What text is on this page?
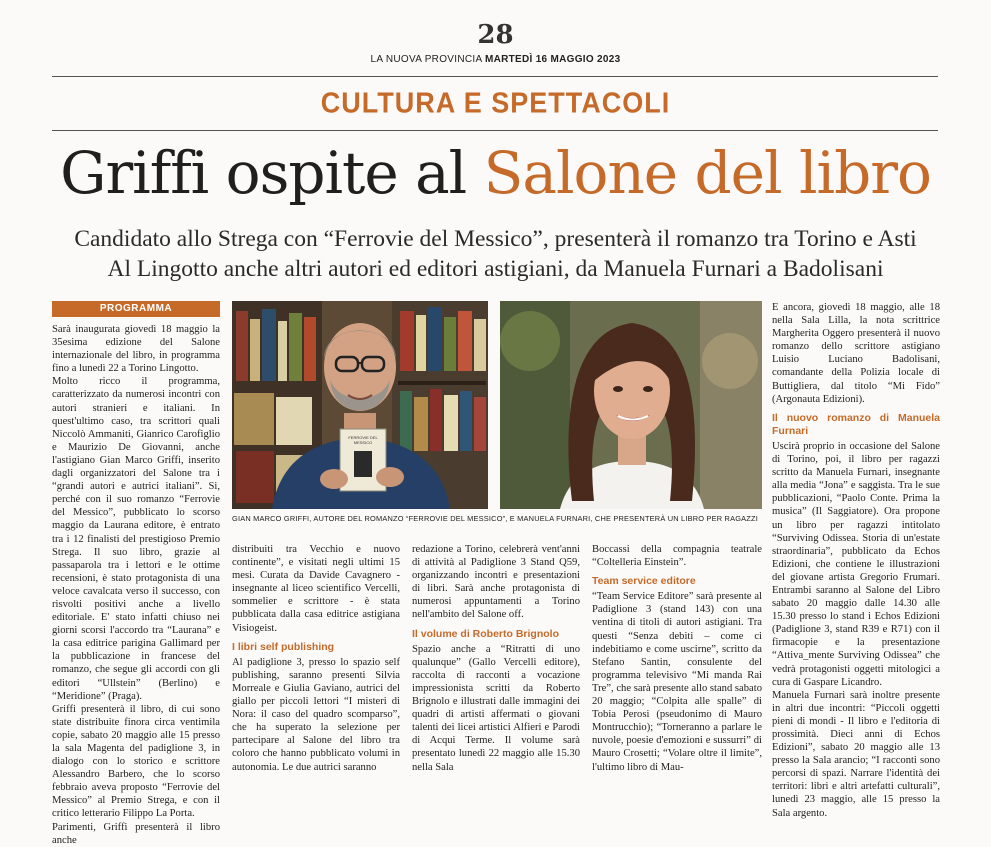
28
LA NUOVA PROVINCIA MARTEDÌ 16 MAGGIO 2023
CULTURA E SPETTACOLI
Griffi ospite al Salone del libro
Candidato allo Strega con “Ferrovie del Messico”, presenterà il romanzo tra Torino e Asti
Al Lingotto anche altri autori ed editori astigiani, da Manuela Furnari a Badolisani
PROGRAMMA

Sarà inaugurata giovedì 18 maggio la 35esima edizione del Salone internazionale del libro, in programma fino a lunedì 22 a Torino Lingotto.

Molto ricco il programma, caratterizzato da numerosi incontri con autori stranieri e italiani. In quest'ultimo caso, tra scrittori quali Niccolò Ammaniti, Gianrico Carofiglio e Maurizio De Giovanni, anche l'astigiano Gian Marco Griffi, inserito dagli organizzatori del Salone tra i “grandi autori e autrici italiani”. Si, perché con il suo romanzo “Ferrovie del Messico”, pubblicato lo scorso maggio da Laurana editore, è entrato tra i 12 finalisti del prestigioso Premio Strega. Il suo libro, grazie al passaparola tra i lettori e le ottime recensioni, è stato protagonista di una veloce cavalcata verso il successo, con risvolti positivi anche a livello editoriale. E' stato infatti chiuso nei giorni scorsi l'accordo tra “Laurana” e la casa editrice parigina Gallimard per la pubblicazione in francese del romanzo, che segue gli accordi con gli editori “Ullstein” (Berlino) e “Meridione” (Praga).

Griffi presenterà il libro, di cui sono state distribuite finora circa ventimila copie, sabato 20 maggio alle 15 presso la sala Magenta del padiglione 3, in dialogo con lo storico e scrittore Alessandro Barbero, che lo scorso febbraio aveva proposto “Ferrovie del Messico” al Premio Strega, e con il critico letterario Filippo La Porta.

Parimenti, Griffi presenterà il libro anche

FERROVIE DEL MESSICO
GIAN MARCO GRIFFI, AUTORE DEL ROMANZO “FERROVIE DEL MESSICO”, E MANUELA FURNARI, CHE PRESENTERÀ UN LIBRO PER RAGAZZI

distribuiti tra Vecchio e nuovo continente”, e visitati negli ultimi 15 mesi. Curata da Davide Cavagnero - insegnante al liceo scientifico Vercelli, sommelier e scrittore - è stata pubblicata dalla casa editrice astigiana Visiogeist.

I libri self publishing

Al padiglione 3, presso lo spazio self publishing, saranno presenti Silvia Morreale e Giulia Gaviano, autrici del giallo per piccoli lettori “I misteri di Nora: il caso del quadro scomparso”, che ha superato la selezione per partecipare al Salone del libro tra coloro che hanno pubblicato volumi in autonomia. Le due autrici saranno

redazione a Torino, celebrerà vent'anni di attività al Padiglione 3 Stand Q59, organizzando incontri e presentazioni di libri. Sarà anche protagonista di numerosi appuntamenti a Torino nell'ambito del Salone off.

Il volume di Roberto Brignolo

Spazio anche a “Ritratti di uno qualunque” (Gallo Vercelli editore), raccolta di racconti a vocazione impressionista scritti da Roberto Brignolo e illustrati dalle immagini dei quadri di artisti affermati o giovani talenti dei licei artistici Alfieri e Parodi di Acqui Terme. Il volume sarà presentato lunedì 22 maggio alle 15.30 nella Sala

Boccassi della compagnia teatrale “Coltelleria Einstein”.

Team service editore

“Team Service Editore” sarà presente al Padiglione 3 (stand 143) con una ventina di titoli di autori astigiani. Tra questi “Senza debiti – come ci indebitiamo e come uscirne”, scritto da Stefano Santin, consulente del programma televisivo “Mi manda Rai Tre”, che sarà presente allo stand sabato 20 maggio; “Colpita alle spalle” di Tobia Perosi (pseudonimo di Mauro Montrucchio); “Torneranno a parlare le nuvole, poesie d'emozioni e sussurri” di Mauro Crosetti; “Volare oltre il limite”, l'ultimo libro di Mau-

E ancora, giovedì 18 maggio, alle 18 nella Sala Lilla, la nota scrittrice Margherita Oggero presenterà il nuovo romanzo dello scrittore astigiano Luisio Luciano Badolisani, comandante della Polizia locale di Buttigliera, dal titolo “Mi Fido” (Argonauta Edizioni).

Il nuovo romanzo di Manuela Furnari

Uscirà proprio in occasione del Salone di Torino, poi, il libro per ragazzi scritto da Manuela Furnari, insegnante alla media “Jona” e saggista. Tra le sue pubblicazioni, “Paolo Conte. Prima la musica” (Il Saggiatore). Ora propone un libro per ragazzi intitolato “Surviving Odissea. Storia di un'estate straordinaria”, pubblicato da Echos Edizioni, che contiene le illustrazioni del giovane artista Gregorio Frumari. Entrambi saranno al Salone del Libro sabato 20 maggio dalle 14.30 alle 15.30 presso lo stand i Echos Edizioni (Padiglione 3, stand R39 e R71) con il firmacopie e la presentazione “Attiva_mente Surviving Odissea” che vedrà protagonisti oggetti mitologici a cura di Gaspare Licandro.

Manuela Furnari sarà inoltre presente in altri due incontri: “Piccoli oggetti pieni di mondi - Il libro e l'editoria di prossimità. Dieci anni di Echos Edizioni”, sabato 20 maggio alle 13 presso la Sala arancio; “I racconti sono percorsi di spazi. Narrare l'identità dei territori: libri e altri artefatti culturali”, lunedì 23 maggio, alle 15 presso la Sala argento.
